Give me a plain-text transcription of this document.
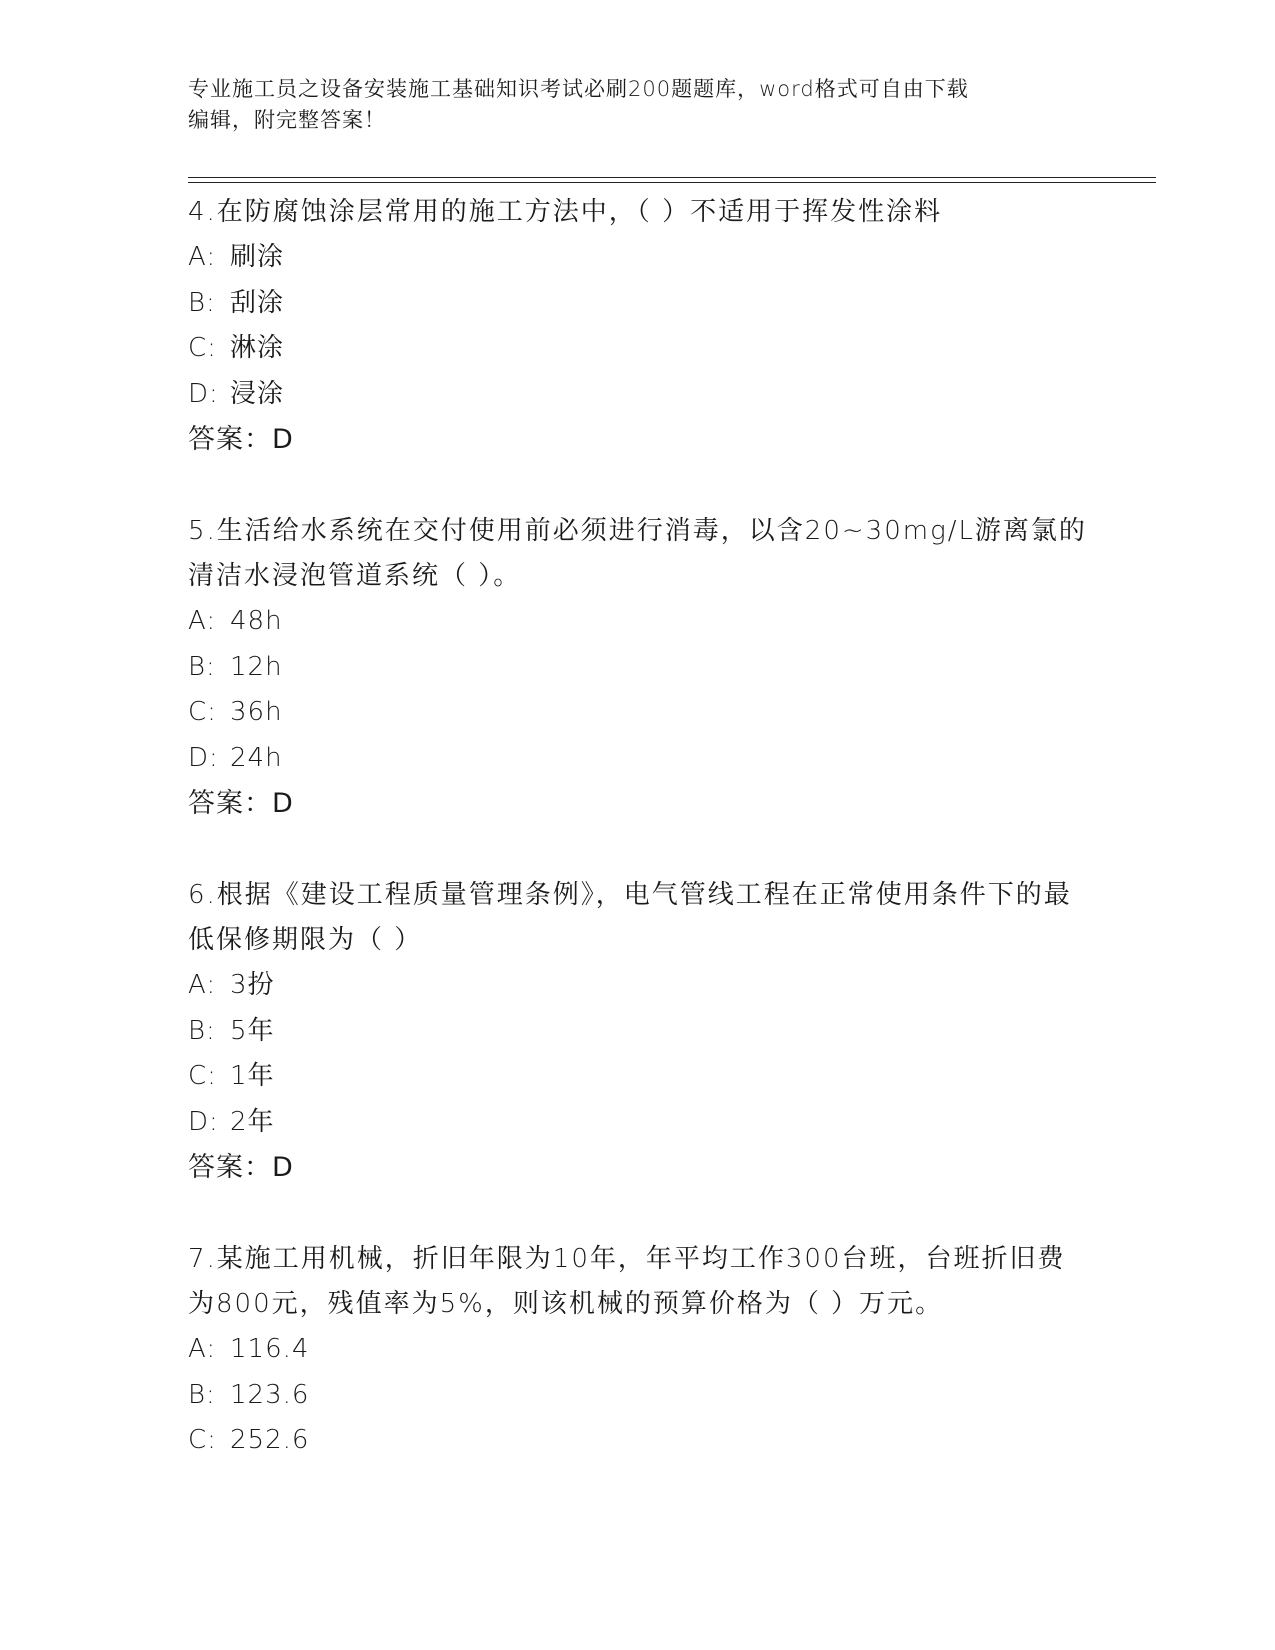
专业施工员之设备安装施工基础知识考试必刷200题题库，word格式可自由下载
编辑，附完整答案！
4.在防腐蚀涂层常用的施工方法中，（ ）不适用于挥发性涂料
A: 刷涂
B: 刮涂
C: 淋涂
D: 浸涂
答案：D
5.生活给水系统在交付使用前必须进行消毒，以含20~30mg/L游离氯的清洁水浸泡管道系统（ ）。
A: 48h
B: 12h
C: 36h
D: 24h
答案：D
6.根据《建设工程质量管理条例》，电气管线工程在正常使用条件下的最低保修期限为（ ）
A: 3扮
B: 5年
C: 1年
D: 2年
答案：D
7.某施工用机械，折旧年限为10年，年平均工作300台班，台班折旧费为800元，残值率为5%，则该机械的预算价格为（ ）万元。
A: 116.4
B: 123.6
C: 252.6
